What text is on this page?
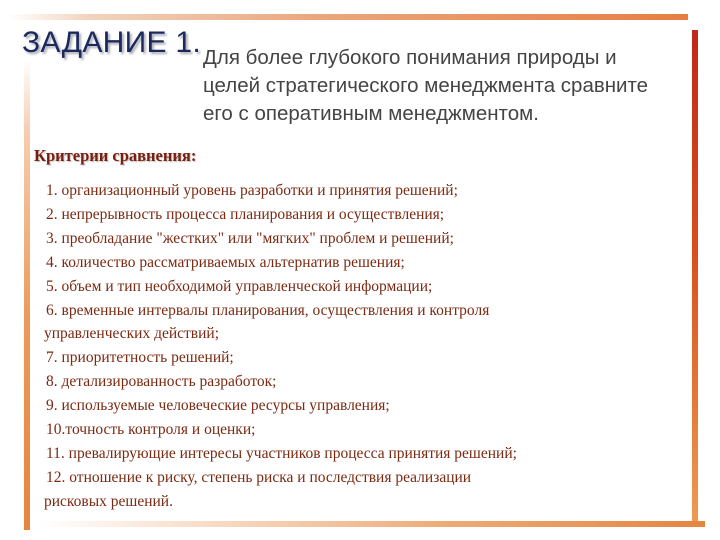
ЗАДАНИЕ 1. Для более глубокого понимания природы и
целей стратегического менеджмента сравните
его с оперативным менеджментом.
Критерии сравнения:
1. организационный уровень разработки и принятия решений;
2. непрерывность процесса планирования и осуществления;
3. преобладание "жестких" или "мягких" проблем и решений;
4. количество рассматриваемых альтернатив решения;
5. объем и тип необходимой управленческой информации;
6. временные интервалы планирования, осуществления и контроля
управленческих действий;
7. приоритетность решений;
8. детализированность разработок;
9. используемые человеческие ресурсы управления;
10.точность контроля и оценки;
11. превалирующие интересы участников процесса принятия решений;
12. отношение к риску, степень риска и последствия реализации
рисковых решений.
